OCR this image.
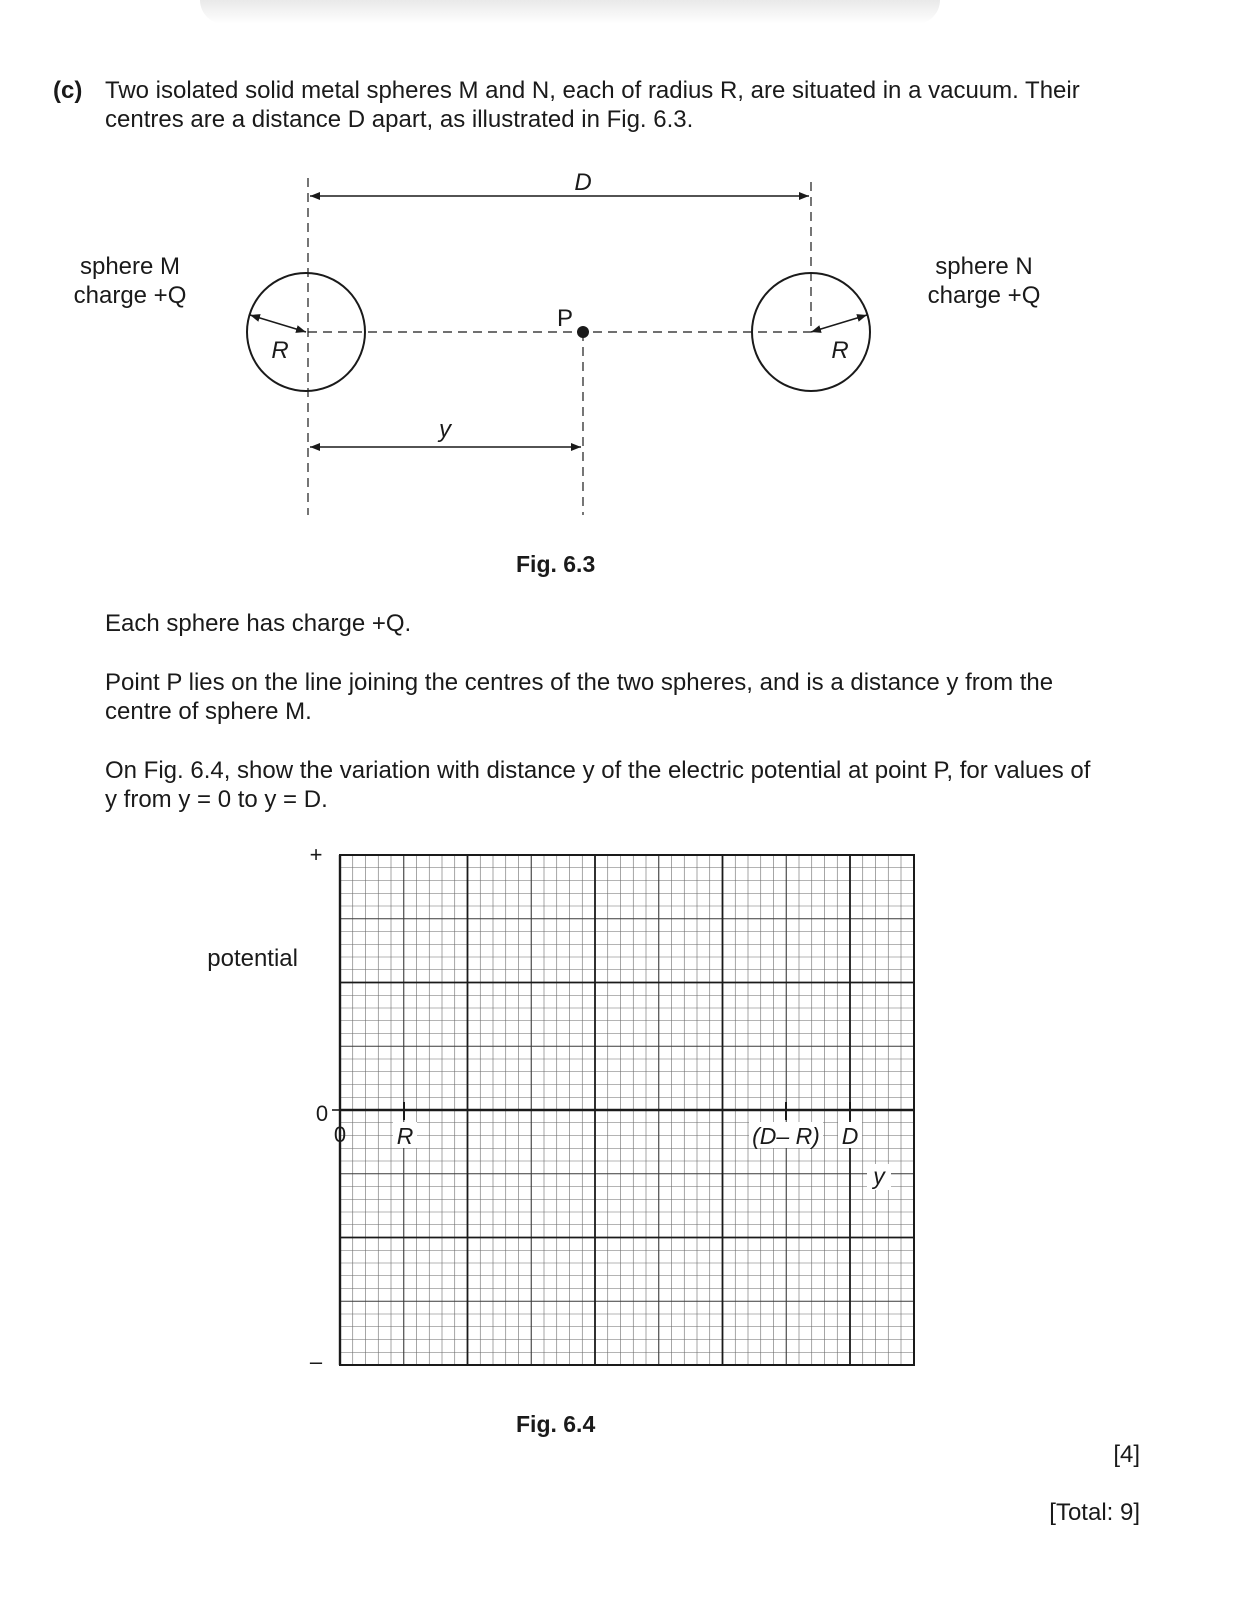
(c) Two isolated solid metal spheres M and N, each of radius R, are situated in a vacuum. Their
centres are a distance D apart, as illustrated in Fig. 6.3.
D
R	R
P
y
sphere M
charge +Q
sphere N
charge +Q
Fig. 6.3
Each sphere has charge +Q.
Point P lies on the line joining the centres of the two spheres, and is a distance y from the
centre of sphere M.
On Fig. 6.4, show the variation with distance y of the electric potential at point P, for values of
y from y = 0 to y = D.
0
0
R	(D– R) D
y
+
–
potential
Fig. 6.4
[4]
[Total: 9]
